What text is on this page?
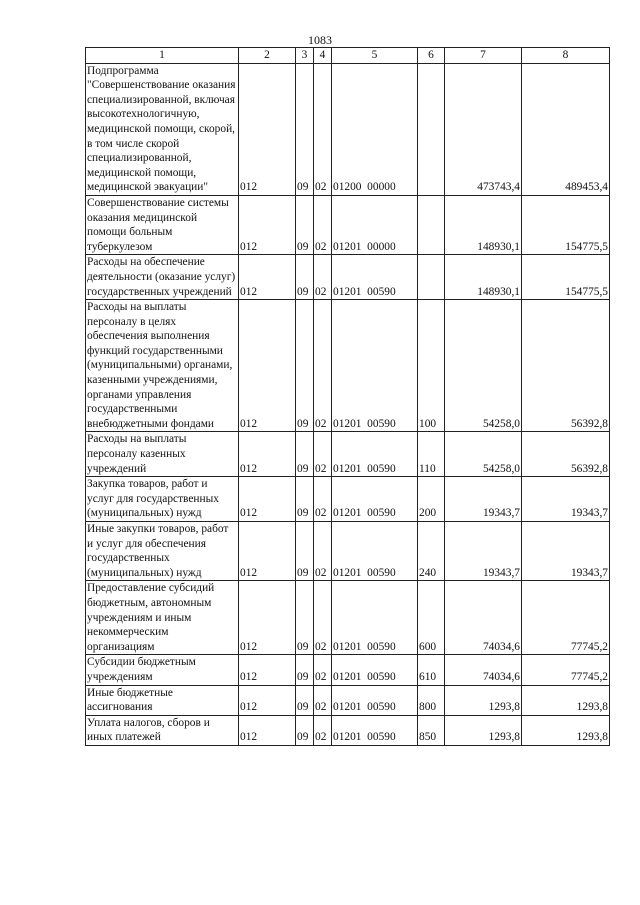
1083
1	2	3	4	5	6	7	8

Подпрограмма "Совершенствование оказания специализированной, включая высокотехнологичную, медицинской помощи, скорой, в том числе скорой специализированной, медицинской помощи, медицинской эвакуации"	012	09	02	01200  00000		473743,4	489453,4

Совершенствование системы оказания медицинской помощи больным туберкулезом	012	09	02	01201  00000		148930,1	154775,5

Расходы на обеспечение деятельности (оказание услуг) государственных учреждений	012	09	02	01201  00590		148930,1	154775,5

Расходы на выплаты персоналу в целях обеспечения выполнения функций государственными (муниципальными) органами, казенными учреждениями, органами управления государственными внебюджетными фондами	012	09	02	01201  00590	100	54258,0	56392,8

Расходы на выплаты персоналу казенных учреждений	012	09	02	01201  00590	110	54258,0	56392,8

Закупка товаров, работ и услуг для государственных (муниципальных) нужд	012	09	02	01201  00590	200	19343,7	19343,7

Иные закупки товаров, работ и услуг для обеспечения государственных (муниципальных) нужд	012	09	02	01201  00590	240	19343,7	19343,7

Предоставление субсидий бюджетным, автономным учреждениям и иным некоммерческим организациям	012	09	02	01201  00590	600	74034,6	77745,2

Субсидии бюджетным учреждениям	012	09	02	01201  00590	610	74034,6	77745,2

Иные бюджетные ассигнования	012	09	02	01201  00590	800	1293,8	1293,8

Уплата налогов, сборов и иных платежей	012	09	02	01201  00590	850	1293,8	1293,8
